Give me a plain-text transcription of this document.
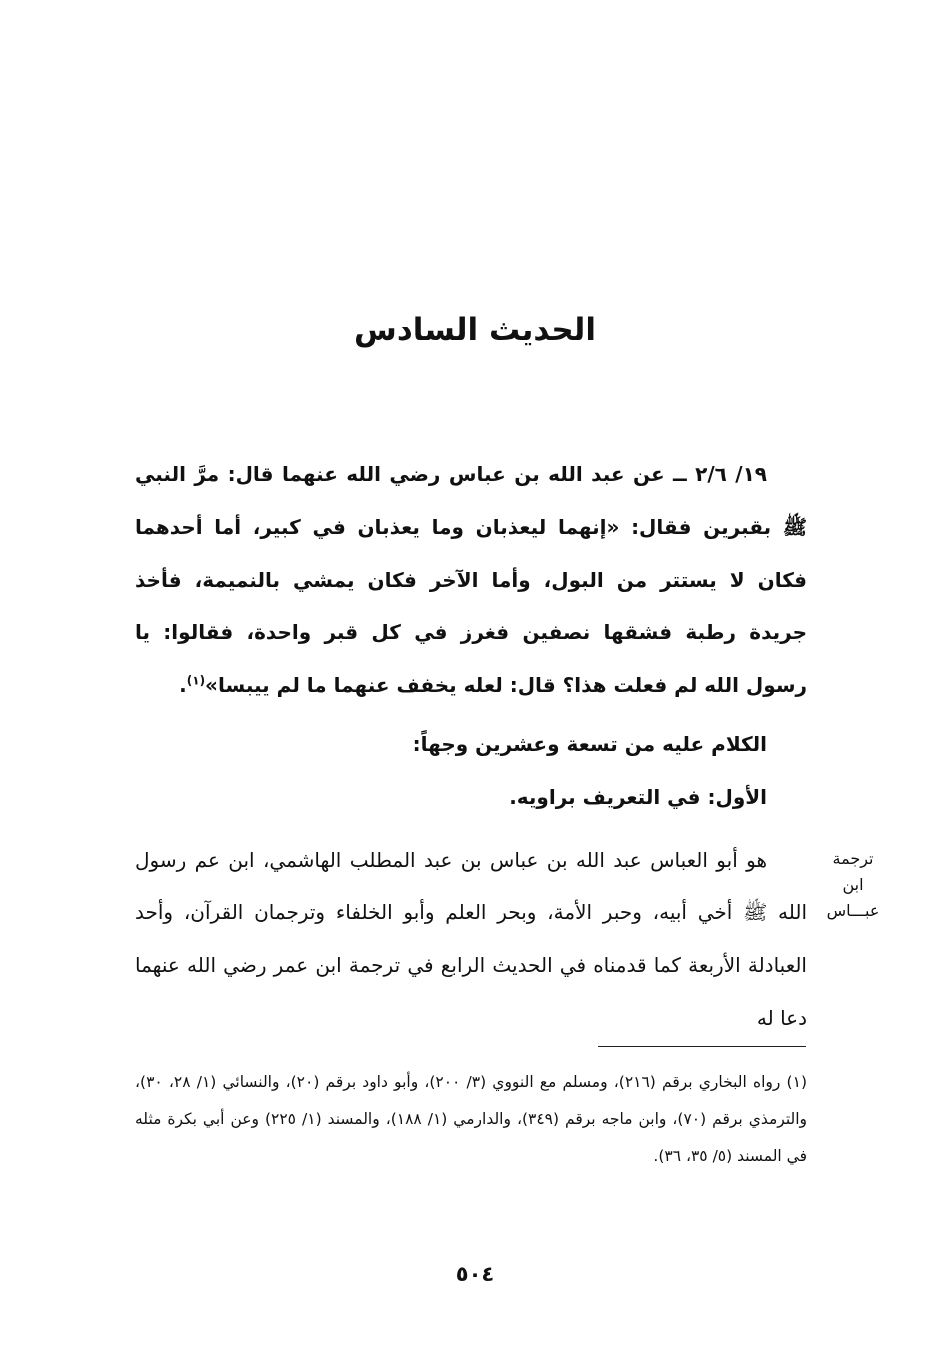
الحديث السادس

١٩/ ٢/٦ ــ عن عبد الله بن عباس رضي الله عنهما قال: مرَّ النبي ﷺ بقبرين فقال: «إنهما ليعذبان وما يعذبان في كبير، أما أحدهما فكان لا يستتر من البول، وأما الآخر فكان يمشي بالنميمة، فأخذ جريدة رطبة فشقها نصفين فغرز في كل قبر واحدة، فقالوا: يا رسول الله لم فعلت هذا؟ قال: لعله يخفف عنهما ما لم ييبسا»$^{(١)}$.

الكلام عليه من تسعة وعشرين وجهاً:

الأول: في التعريف براويه.

هو أبو العباس عبد الله بن عباس بن عبد المطلب الهاشمي، ابن عم رسول الله ﷺ أخي أبيه، وحبر الأمة، وبحر العلم وأبو الخلفاء وترجمان القرآن، وأحد العبادلة الأربعة كما قدمناه في الحديث الرابع في ترجمة ابن عمر رضي الله عنهما دعا له

ترجمة ابن
عبـــاس

(١) رواه البخاري برقم (٢١٦)، ومسلم مع النووي (٣/ ٢٠٠)، وأبو داود برقم (٢٠)، والنسائي (١/ ٢٨، ٣٠)، والترمذي برقم (٧٠)، وابن ماجه برقم (٣٤٩)، والدارمي (١/ ١٨٨)، والمسند (١/ ٢٢٥) وعن أبي بكرة مثله في المسند (٥/ ٣٥، ٣٦).

٥٠٤
